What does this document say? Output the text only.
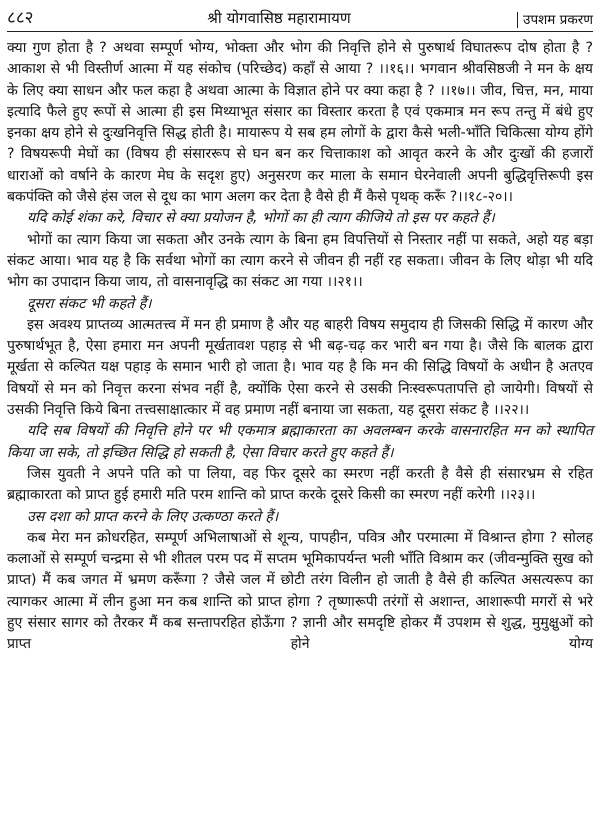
८८२	श्री योगवासिष्ठ महारामायण	उपशम प्रकरण

क्या गुण होता है ? अथवा सम्पूर्ण भोग्य, भोक्ता और भोग की निवृत्ति होने से पुरुषार्थ विघातरूप दोष होता है ? आकाश से भी विस्तीर्ण आत्मा में यह संकोच (परिच्छेद) कहाँ से आया ? ।।१६।। भगवान श्रीवसिष्ठजी ने मन के क्षय के लिए क्या साधन और फल कहा है अथवा आत्मा के विज्ञात होने पर क्या कहा है ? ।।१७।। जीव, चित्त, मन, माया इत्यादि फैले हुए रूपों से आत्मा ही इस मिथ्याभूत संसार का विस्तार करता है एवं एकमात्र मन रूप तन्तु में बंधे हुए इनका क्षय होने से दुःखनिवृत्ति सिद्ध होती है। मायारूप ये सब हम लोगों के द्वारा कैसे भली-भाँति चिकित्सा योग्य होंगे ? विषयरूपी मेघों का (विषय ही संसाररूप से घन बन कर चित्ताकाश को आवृत करने के और दुःखों की हजारों धाराओं को वर्षाने के कारण मेघ के सदृश हुए) अनुसरण कर माला के समान घेरनेवाली अपनी बुद्धिवृत्तिरूपी इस बकपंक्ति को जैसे हंस जल से दूध का भाग अलग कर देता है वैसे ही मैं कैसे पृथक् करूँ ?।।१८-२०।।

यदि कोई शंका करे, विचार से क्या प्रयोजन है, भोगों का ही त्याग कीजिये तो इस पर कहते हैं।

भोगों का त्याग किया जा सकता और उनके त्याग के बिना हम विपत्तियों से निस्तार नहीं पा सकते, अहो यह बड़ा संकट आया। भाव यह है कि सर्वथा भोगों का त्याग करने से जीवन ही नहीं रह सकता। जीवन के लिए थोड़ा भी यदि भोग का उपादान किया जाय, तो वासनावृद्धि का संकट आ गया ।।२१।।

दूसरा संकट भी कहते हैं।

इस अवश्य प्राप्तव्य आत्मतत्त्व में मन ही प्रमाण है और यह बाहरी विषय समुदाय ही जिसकी सिद्धि में कारण और पुरुषार्थभूत है, ऐसा हमारा मन अपनी मूर्खतावश पहाड़ से भी बढ़-चढ़ कर भारी बन गया है। जैसे कि बालक द्वारा मूर्खता से कल्पित यक्ष पहाड़ के समान भारी हो जाता है। भाव यह है कि मन की सिद्धि विषयों के अधीन है अतएव विषयों से मन को निवृत्त करना संभव नहीं है, क्योंकि ऐसा करने से उसकी निःस्वरूपतापत्ति हो जायेगी। विषयों से उसकी निवृत्ति किये बिना तत्त्वसाक्षात्कार में वह प्रमाण नहीं बनाया जा सकता, यह दूसरा संकट है ।।२२।।

यदि सब विषयों की निवृत्ति होने पर भी एकमात्र ब्रह्माकारता का अवलम्बन करके वासनारहित मन को स्थापित किया जा सके, तो इच्छित सिद्धि हो सकती है, ऐसा विचार करते हुए कहते हैं।

जिस युवती ने अपने पति को पा लिया, वह फिर दूसरे का स्मरण नहीं करती है वैसे ही संसारभ्रम से रहित ब्रह्माकारता को प्राप्त हुई हमारी मति परम शान्ति को प्राप्त करके दूसरे किसी का स्मरण नहीं करेगी ।।२३।।

उस दशा को प्राप्त करने के लिए उत्कण्ठा करते हैं।

कब मेरा मन क्रोधरहित, सम्पूर्ण अभिलाषाओं से शून्य, पापहीन, पवित्र और परमात्मा में विश्रान्त होगा ? सोलह कलाओं से सम्पूर्ण चन्द्रमा से भी शीतल परम पद में सप्तम भूमिकापर्यन्त भली भाँति विश्राम कर (जीवन्मुक्ति सुख को प्राप्त) मैं कब जगत में भ्रमण करूँगा ? जैसे जल में छोटी तरंग विलीन हो जाती है वैसे ही कल्पित असत्यरूप का त्यागकर आत्मा में लीन हुआ मन कब शान्ति को प्राप्त होगा ? तृष्णारूपी तरंगों से अशान्त, आशारूपी मगरों से भरे हुए संसार सागर को तैरकर मैं कब सन्तापरहित होऊँगा ? ज्ञानी और समदृष्टि होकर मैं उपशम से शुद्ध, मुमुक्षुओं को प्राप्त होने योग्य
